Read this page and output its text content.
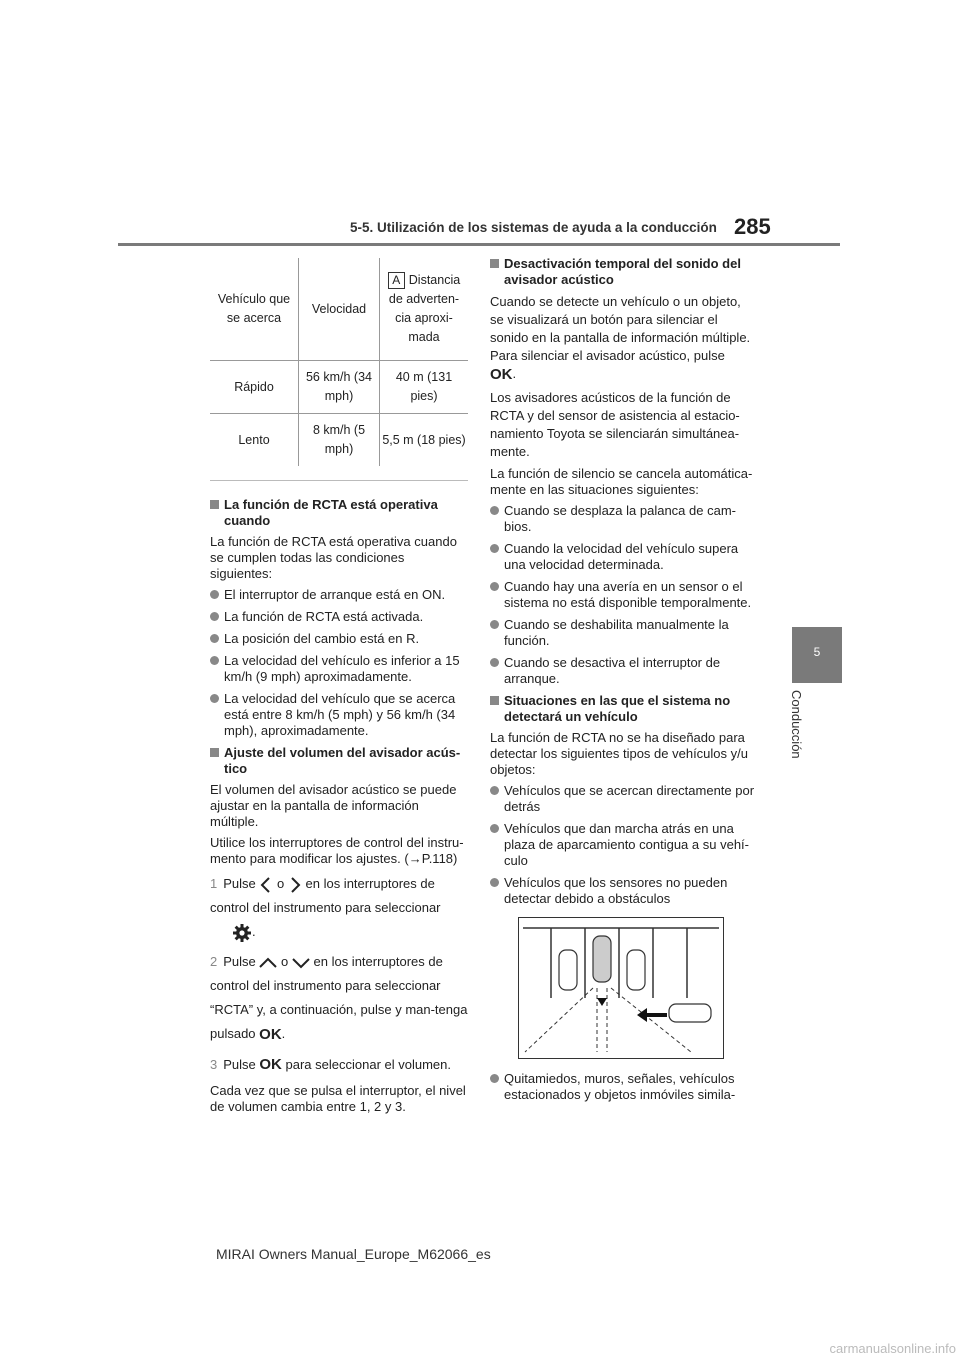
5-5. Utilización de los sistemas de ayuda a la conducción 285
5
Conducción
Vehículo que se acerca	Velocidad	A Distancia de adverten-cia aproxi-mada
Rápido	56 km/h (34 mph)	40 m (131 pies)
Lento	8 km/h (5 mph)	5,5 m (18 pies)
La función de RCTA está operativa cuando

La función de RCTA está operativa cuando se cumplen todas las condiciones siguientes:

El interruptor de arranque está en ON.
La función de RCTA está activada.
La posición del cambio está en R.
La velocidad del vehículo es inferior a 15 km/h (9 mph) aproximadamente.
La velocidad del vehículo que se acerca está entre 8 km/h (5 mph) y 56 km/h (34 mph), aproximadamente.
Ajuste del volumen del avisador acús-tico

El volumen del avisador acústico se puede ajustar en la pantalla de información múltiple.

Utilice los interruptores de control del instru-mento para modificar los ajustes. (→P.118)

1 Pulse o en los interruptores de control del instrumento para seleccionar
.
2 Pulse o en los interruptores de control del instrumento para seleccionar “RCTA” y, a continuación, pulse y man-tenga pulsado OK.
3 Pulse OK para seleccionar el volumen.

Cada vez que se pulsa el interruptor, el nivel de volumen cambia entre 1, 2 y 3.

Desactivación temporal del sonido del avisador acústico

Cuando se detecte un vehículo o un objeto, se visualizará un botón para silenciar el sonido en la pantalla de información múltiple. Para silenciar el avisador acústico, pulse
OK.

Los avisadores acústicos de la función de RCTA y del sensor de asistencia al estacio-namiento Toyota se silenciarán simultánea-mente.

La función de silencio se cancela automática-mente en las situaciones siguientes:

Cuando se desplaza la palanca de cam-bios.
Cuando la velocidad del vehículo supera una velocidad determinada.
Cuando hay una avería en un sensor o el sistema no está disponible temporalmente.
Cuando se deshabilita manualmente la función.
Cuando se desactiva el interruptor de arranque.
Situaciones en las que el sistema no detectará un vehículo

La función de RCTA no se ha diseñado para detectar los siguientes tipos de vehículos y/u objetos:

Vehículos que se acercan directamente por detrás
Vehículos que dan marcha atrás en una plaza de aparcamiento contigua a su vehí-culo
Vehículos que los sensores no pueden detectar debido a obstáculos
Quitamiedos, muros, señales, vehículos estacionados y objetos inmóviles simila-
MIRAI Owners Manual_Europe_M62066_es
carmanualsonline.info
